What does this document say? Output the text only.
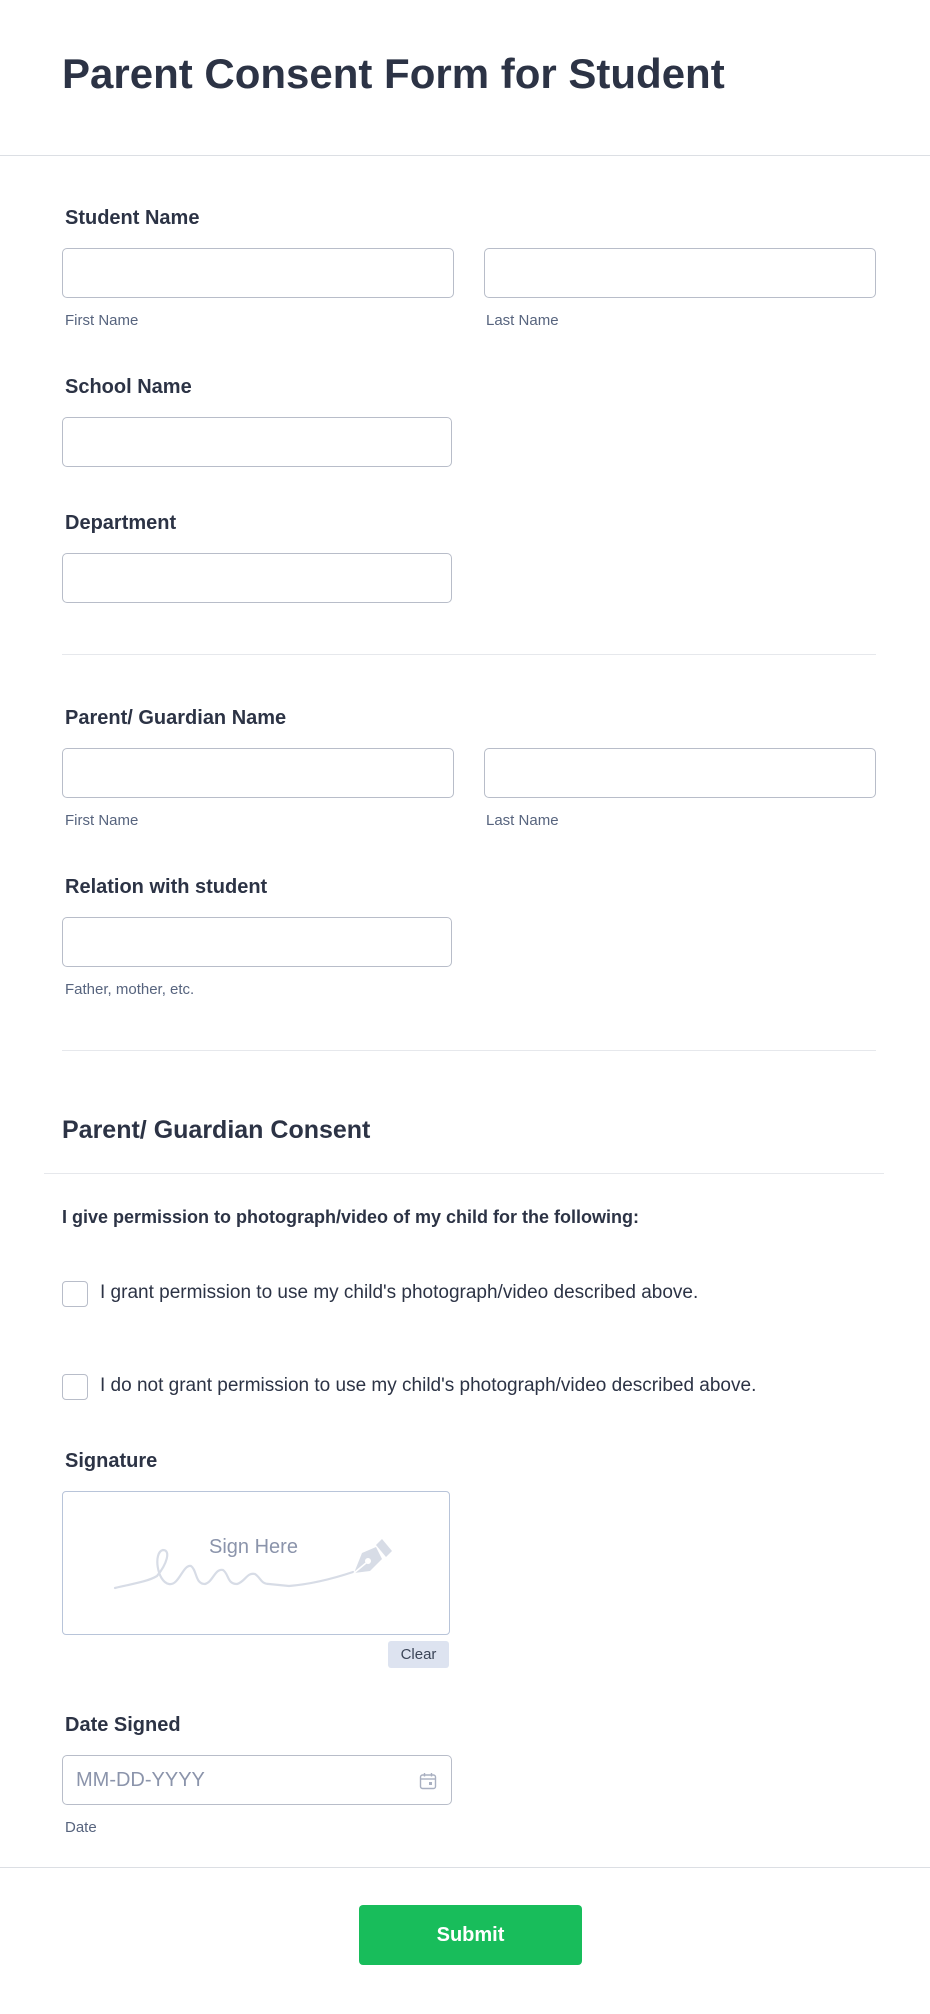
Parent Consent Form for Student
Student Name
First Name	Last Name
School Name
Department
Parent/ Guardian Name
First Name	Last Name
Relation with student
Father, mother, etc.
Parent/ Guardian Consent
I give permission to photograph/video of my child for the following:
I grant permission to use my child's photograph/video described above.
I do not grant permission to use my child's photograph/video described above.
Signature
Sign Here
Clear
Date Signed
MM-DD-YYYY
Date
Submit
